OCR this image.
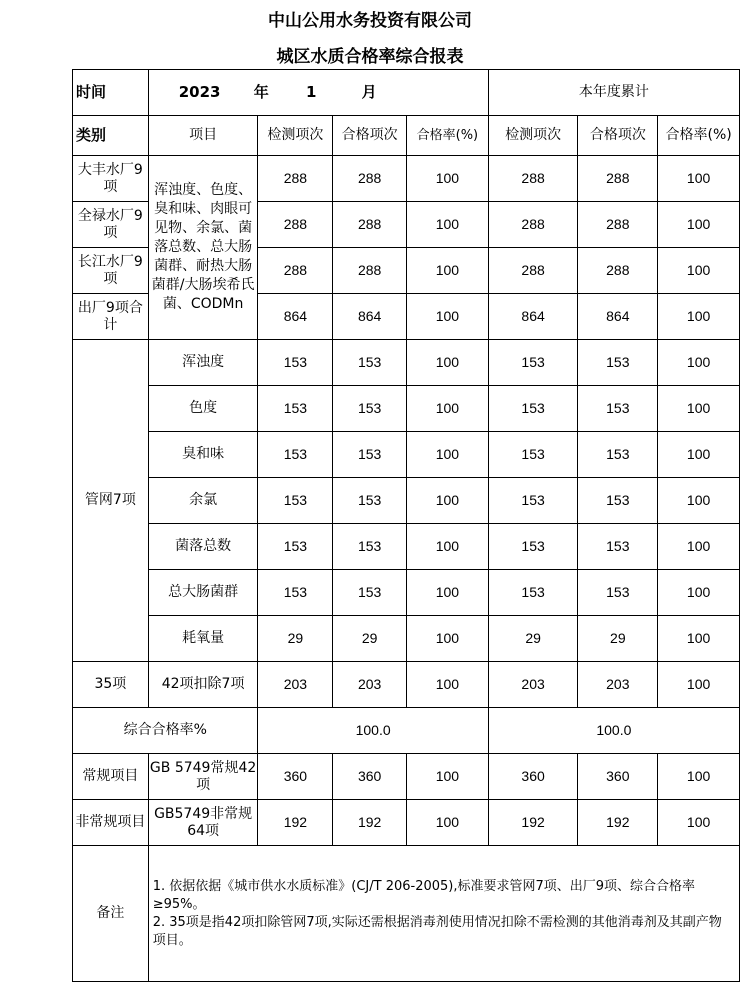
中山公用水务投资有限公司
城区水质合格率综合报表
时间	2023 年 1 月				本年度累计		
类别	项目	检测项次	合格项次	合格率(%)	检测项次	合格项次	合格率(%)
大丰水厂9项	浑浊度、色度、臭和味、肉眼可见物、余氯、菌落总数、总大肠菌群、耐热大肠菌群/大肠埃希氏菌、CODMn	288	288	100	288	288	100
全禄水厂9项		288	288	100	288	288	100
长江水厂9项		288	288	100	288	288	100
出厂9项合计		864	864	100	864	864	100
管网7项	浑浊度	153	153	100	153	153	100
	色度	153	153	100	153	153	100
	臭和味	153	153	100	153	153	100
	余氯	153	153	100	153	153	100
	菌落总数	153	153	100	153	153	100
	总大肠菌群	153	153	100	153	153	100
	耗氧量	29	29	100	29	29	100
35项	42项扣除7项	203	203	100	203	203	100
综合合格率%		100.0			100.0		
常规项目	GB 5749常规42项	360	360	100	360	360	100
非常规项目	GB5749非常规64项	192	192	100	192	192	100
备注	1. 依据依据《城市供水水质标准》(CJ/T 206-2005),标准要求管网7项、出厂9项、综合合格率≥95%。
2. 35项是指42项扣除管网7项,实际还需根据消毒剂使用情况扣除不需检测的其他消毒剂及其副产物项目。						
